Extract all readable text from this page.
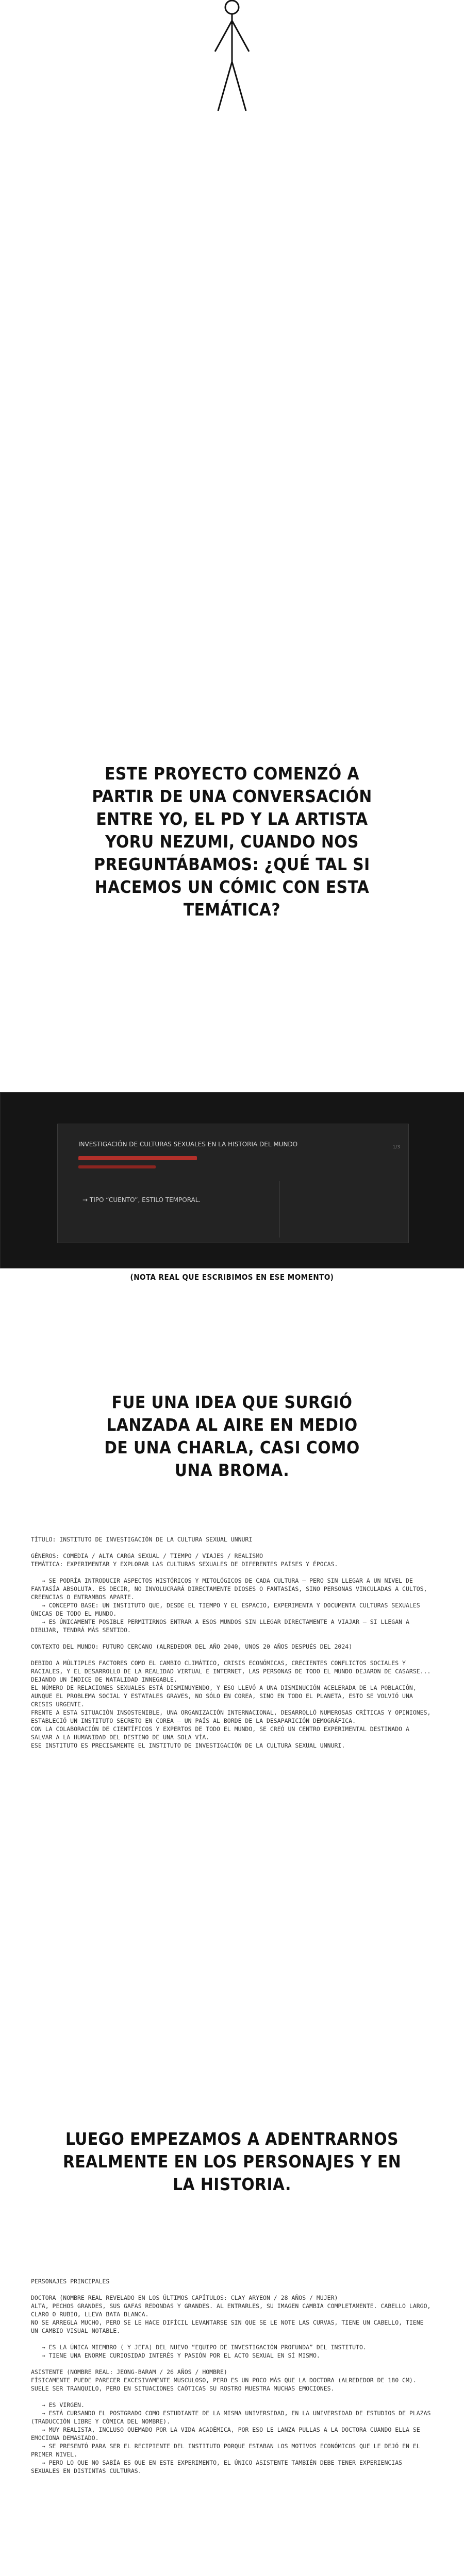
ESTE PROYECTO COMENZÓ A PARTIR DE UNA CONVERSACIÓN ENTRE YO, EL PD Y LA ARTISTA YORU NEZUMI, CUANDO NOS PREGUNTÁBAMOS: ¿QUÉ TAL SI HACEMOS UN CÓMIC CON ESTA TEMÁTICA?
INVESTIGACIÓN DE CULTURAS SEXUALES EN LA HISTORIA DEL MUNDO
→ TIPO “CUENTO”, ESTILO TEMPORAL.
1/3
(NOTA REAL QUE ESCRIBIMOS EN ESE MOMENTO)
FUE UNA IDEA QUE SURGIÓ LANZADA AL AIRE EN MEDIO DE UNA CHARLA, CASI COMO UNA BROMA.
TÍTULO: INSTITUTO DE INVESTIGACIÓN DE LA CULTURA SEXUAL UNNURI

GÉNEROS: COMEDIA / ALTA CARGA SEXUAL / TIEMPO / VIAJES / REALISMO
TEMÁTICA: EXPERIMENTAR Y EXPLORAR LAS CULTURAS SEXUALES DE DIFERENTES PAÍSES Y ÉPOCAS.

→ SE PODRÍA INTRODUCIR ASPECTOS HISTÓRICOS Y MITOLÓGICOS DE CADA CULTURA — PERO SIN LLEGAR A UN NIVEL DE FANTASÍA ABSOLUTA. ES DECIR, NO INVOLUCRARÁ DIRECTAMENTE DIOSES O FANTASÍAS, SINO PERSONAS VINCULADAS A CULTOS, CREENCIAS O ENTRAMBOS APARTE.
→ CONCEPTO BASE: UN INSTITUTO QUE, DESDE EL TIEMPO Y EL ESPACIO, EXPERIMENTA Y DOCUMENTA CULTURAS SEXUALES ÚNICAS DE TODO EL MUNDO.
→ ES ÚNICAMENTE POSIBLE PERMITIRNOS ENTRAR A ESOS MUNDOS SIN LLEGAR DIRECTAMENTE A VIAJAR — SI LLEGAN A DIBUJAR, TENDRÁ MÁS SENTIDO.

CONTEXTO DEL MUNDO: FUTURO CERCANO (ALREDEDOR DEL AÑO 2040, UNOS 20 AÑOS DESPUÉS DEL 2024)

DEBIDO A MÚLTIPLES FACTORES COMO EL CAMBIO CLIMÁTICO, CRISIS ECONÓMICAS, CRECIENTES CONFLICTOS SOCIALES Y RACIALES, Y EL DESARROLLO DE LA REALIDAD VIRTUAL E INTERNET, LAS PERSONAS DE TODO EL MUNDO DEJARON DE CASARSE... DEJANDO UN ÍNDICE DE NATALIDAD INNEGABLE.
EL NÚMERO DE RELACIONES SEXUALES ESTÁ DISMINUYENDO, Y ESO LLEVÓ A UNA DISMINUCIÓN ACELERADA DE LA POBLACIÓN, AUNQUE EL PROBLEMA SOCIAL Y ESTATALES GRAVES, NO SÓLO EN COREA, SINO EN TODO EL PLANETA, ESTO SE VOLVIÓ UNA CRISIS URGENTE.
FRENTE A ESTA SITUACIÓN INSOSTENIBLE, UNA ORGANIZACIÓN INTERNACIONAL, DESARROLLÓ NUMEROSAS CRÍTICAS Y OPINIONES, ESTABLECIÓ UN INSTITUTO SECRETO EN COREA — UN PAÍS AL BORDE DE LA DESAPARICIÓN DEMOGRÁFICA.
CON LA COLABORACIÓN DE CIENTÍFICOS Y EXPERTOS DE TODO EL MUNDO, SE CREÓ UN CENTRO EXPERIMENTAL DESTINADO A SALVAR A LA HUMANIDAD DEL DESTINO DE UNA SOLA VÍA.
ESE INSTITUTO ES PRECISAMENTE EL INSTITUTO DE INVESTIGACIÓN DE LA CULTURA SEXUAL UNNURI.
LUEGO EMPEZAMOS A ADENTRARNOS REALMENTE EN LOS PERSONAJES Y EN LA HISTORIA.
PERSONAJES PRINCIPALES

DOCTORA (NOMBRE REAL REVELADO EN LOS ÚLTIMOS CAPÍTULOS: CLAY ARYEON / 28 AÑOS / MUJER)
ALTA, PECHOS GRANDES, SUS GAFAS REDONDAS Y GRANDES. AL ENTRARLES, SU IMAGEN CAMBIA COMPLETAMENTE. CABELLO LARGO, CLARO O RUBIO, LLEVA BATA BLANCA.
NO SE ARREGLA MUCHO, PERO SE LE HACE DIFÍCIL LEVANTARSE SIN QUE SE LE NOTE LAS CURVAS, TIENE UN CABELLO, TIENE UN CAMBIO VISUAL NOTABLE.

→ ES LA ÚNICA MIEMBRO ( Y JEFA) DEL NUEVO “EQUIPO DE INVESTIGACIÓN PROFUNDA” DEL INSTITUTO.
→ TIENE UNA ENORME CURIOSIDAD INTERÉS Y PASIÓN POR EL ACTO SEXUAL EN SÍ MISMO.

ASISTENTE (NOMBRE REAL: JEONG-BARAM / 26 AÑOS / HOMBRE)
FÍSICAMENTE PUEDE PARECER EXCESIVAMENTE MUSCULOSO, PERO ES UN POCO MÁS QUE LA DOCTORA (ALREDEDOR DE 180 CM).
SUELE SER TRANQUILO, PERO EN SITUACIONES CAÓTICAS SU ROSTRO MUESTRA MUCHAS EMOCIONES.

→ ES VIRGEN.
→ ESTÁ CURSANDO EL POSTGRADO COMO ESTUDIANTE DE LA MISMA UNIVERSIDAD, EN LA UNIVERSIDAD DE ESTUDIOS DE PLAZAS (TRADUCCIÓN LIBRE Y CÓMICA DEL NOMBRE).
→ MUY REALISTA, INCLUSO QUEMADO POR LA VIDA ACADÉMICA, POR ESO LE LANZA PULLAS A LA DOCTORA CUANDO ELLA SE EMOCIONA DEMASIADO.
→ SE PRESENTÓ PARA SER EL RECIPIENTE DEL INSTITUTO PORQUE ESTABAN LOS MOTIVOS ECONÓMICOS QUE LE DEJÓ EN EL PRIMER NIVEL.
→ PERO LO QUE NO SABÍA ES QUE EN ESTE EXPERIMENTO, EL ÚNICO ASISTENTE TAMBIÉN DEBE TENER EXPERIENCIAS SEXUALES EN DISTINTAS CULTURAS.
